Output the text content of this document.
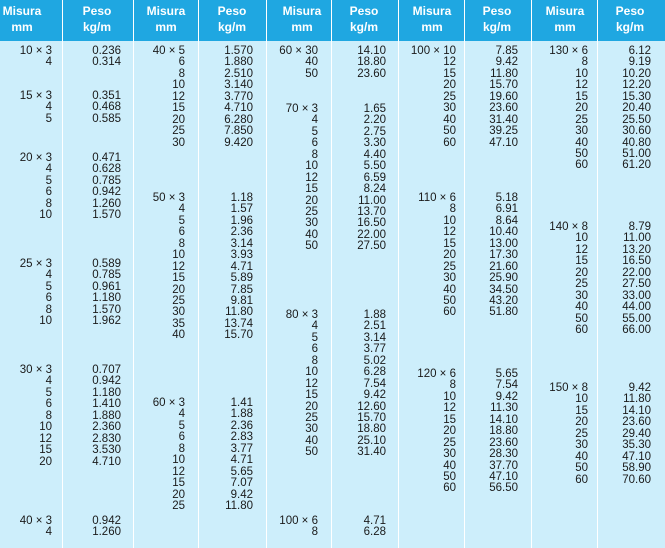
Misura
mm
Peso
kg/m
Misura
mm
Peso
kg/m
Misura
mm
Peso
kg/m
Misura
mm
Peso
kg/m
Misura
mm
Peso
kg/m
10 × 3	0.236
4	0.314
15 × 3	0.351
4	0.468
5	0.585
20 × 3	0.471
4	0.628
5	0.785
6	0.942
8	1.260
10	1.570
25 × 3	0.589
4	0.785
5	0.961
6	1.180
8	1.570
10	1.962
30 × 3	0.707
4	0.942
5	1.180
6	1.410
8	1.880
10	2.360
12	2.830
15	3.530
20	4.710
40 × 3	0.942
4	1.260
40 × 5	1.570
6	1.880
8	2.510
10	3.140
12	3.770
15	4.710
20	6.280
25	7.850
30	9.420
50 × 3	1.18
4	1.57
5	1.96
6	2.36
8	3.14
10	3.93
12	4.71
15	5.89
20	7.85
25	9.81
30	11.80
35	13.74
40	15.70
60 × 3	1.41
4	1.88
5	2.36
6	2.83
8	3.77
10	4.71
12	5.65
15	7.07
20	9.42
25	11.80
60 × 30	14.10
40	18.80
50	23.60
70 × 3	1.65
4	2.20
5	2.75
6	3.30
8	4.40
10	5.50
12	6.59
15	8.24
20	11.00
25	13.70
30	16.50
40	22.00
50	27.50
80 × 3	1.88
4	2.51
5	3.14
6	3.77
8	5.02
10	6.28
12	7.54
15	9.42
20	12.60
25	15.70
30	18.80
40	25.10
50	31.40
100 × 6	4.71
8	6.28
100 × 10	7.85
12	9.42
15	11.80
20	15.70
25	19.60
30	23.60
40	31.40
50	39.25
60	47.10
110 × 6	5.18
8	6.91
10	8.64
12	10.40
15	13.00
20	17.30
25	21.60
30	25.90
40	34.50
50	43.20
60	51.80
120 × 6	5.65
8	7.54
10	9.42
12	11.30
15	14.10
20	18.80
25	23.60
30	28.30
40	37.70
50	47.10
60	56.50
130 × 6	6.12
8	9.19
10	10.20
12	12.20
15	15.30
20	20.40
25	25.50
30	30.60
40	40.80
50	51.00
60	61.20
140 × 8	8.79
10	11.00
12	13.20
15	16.50
20	22.00
25	27.50
30	33.00
40	44.00
50	55.00
60	66.00
150 × 8	9.42
10	11.80
15	14.10
20	23.60
25	29.40
30	35.30
40	47.10
50	58.90
60	70.60
